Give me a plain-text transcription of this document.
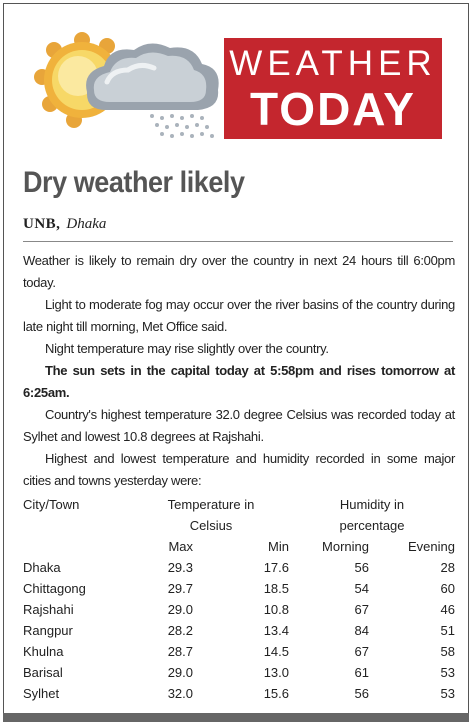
WEATHER
TODAY
Dry weather likely
UNB, Dhaka

Weather is likely to remain dry over the country in next 24 hours till 6:00pm today.

Light to moderate fog may occur over the river basins of the country during late night till morning, Met Office said.

Night temperature may rise slightly over the country.

The sun sets in the capital today at 5:58pm and rises tomorrow at 6:25am.

Country's highest temperature 32.0 degree Celsius was recorded today at Sylhet and lowest 10.8 degrees at Rajshahi.

Highest and lowest temperature and humidity recorded in some major cities and towns yesterday were:

City/Town	Temperature in		Humidity in	
	Celsius		percentage	
	Max	Min	Morning	Evening
Dhaka	29.3	17.6	56	28
Chittagong	29.7	18.5	54	60
Rajshahi	29.0	10.8	67	46
Rangpur	28.2	13.4	84	51
Khulna	28.7	14.5	67	58
Barisal	29.0	13.0	61	53
Sylhet	32.0	15.6	56	53
